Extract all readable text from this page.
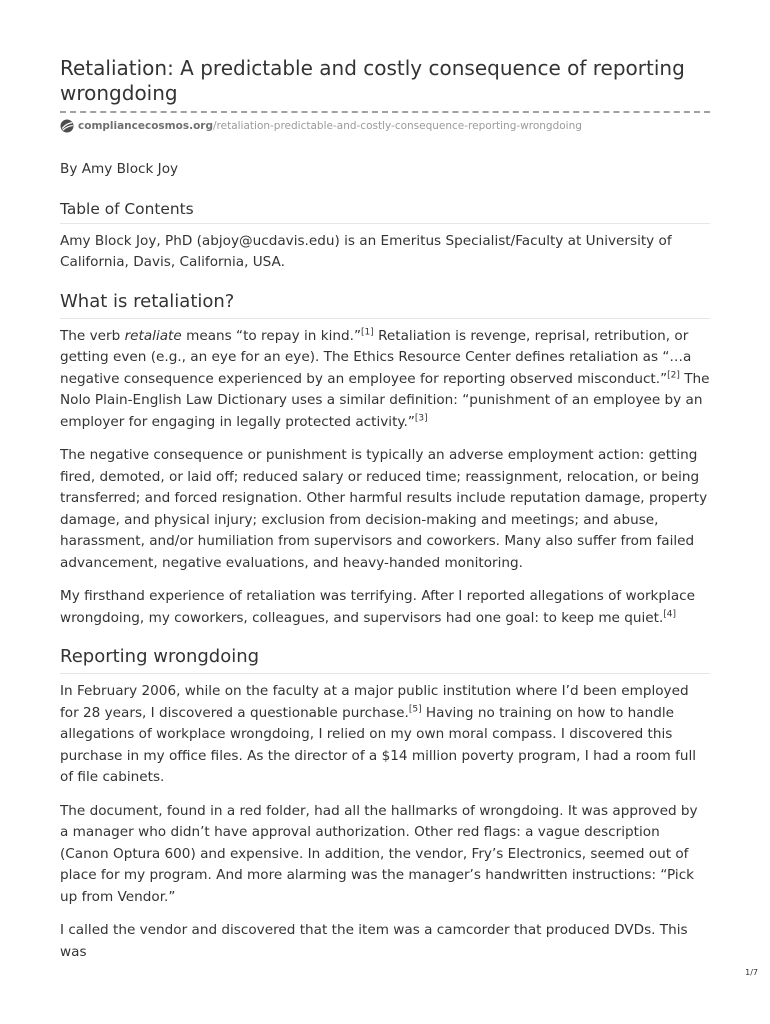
Retaliation: A predictable and costly consequence of reporting wrongdoing
compliancecosmos.org /retaliation-predictable-and-costly-consequence-reporting-wrongdoing

By Amy Block Joy

Table of Contents

Amy Block Joy, PhD (abjoy@ucdavis.edu) is an Emeritus Specialist/Faculty at University of California, Davis, California, USA.

What is retaliation?

The verb retaliate means “to repay in kind.”[1] Retaliation is revenge, reprisal, retribution, or getting even (e.g., an eye for an eye). The Ethics Resource Center defines retaliation as “…a negative consequence experienced by an employee for reporting observed misconduct.”[2] The Nolo Plain-English Law Dictionary uses a similar definition: “punishment of an employee by an employer for engaging in legally protected activity.”[3]

The negative consequence or punishment is typically an adverse employment action: getting fired, demoted, or laid off; reduced salary or reduced time; reassignment, relocation, or being transferred; and forced resignation. Other harmful results include reputation damage, property damage, and physical injury; exclusion from decision-making and meetings; and abuse, harassment, and/or humiliation from supervisors and coworkers. Many also suffer from failed advancement, negative evaluations, and heavy-handed monitoring.

My firsthand experience of retaliation was terrifying. After I reported allegations of workplace wrongdoing, my coworkers, colleagues, and supervisors had one goal: to keep me quiet.[4]

Reporting wrongdoing

In February 2006, while on the faculty at a major public institution where I’d been employed for 28 years, I discovered a questionable purchase.[5] Having no training on how to handle allegations of workplace wrongdoing, I relied on my own moral compass. I discovered this purchase in my office files. As the director of a $14 million poverty program, I had a room full of file cabinets.

The document, found in a red folder, had all the hallmarks of wrongdoing. It was approved by a manager who didn’t have approval authorization. Other red flags: a vague description (Canon Optura 600) and expensive. In addition, the vendor, Fry’s Electronics, seemed out of place for my program. And more alarming was the manager’s handwritten instructions: “Pick up from Vendor.”

I called the vendor and discovered that the item was a camcorder that produced DVDs. This was

1/7
